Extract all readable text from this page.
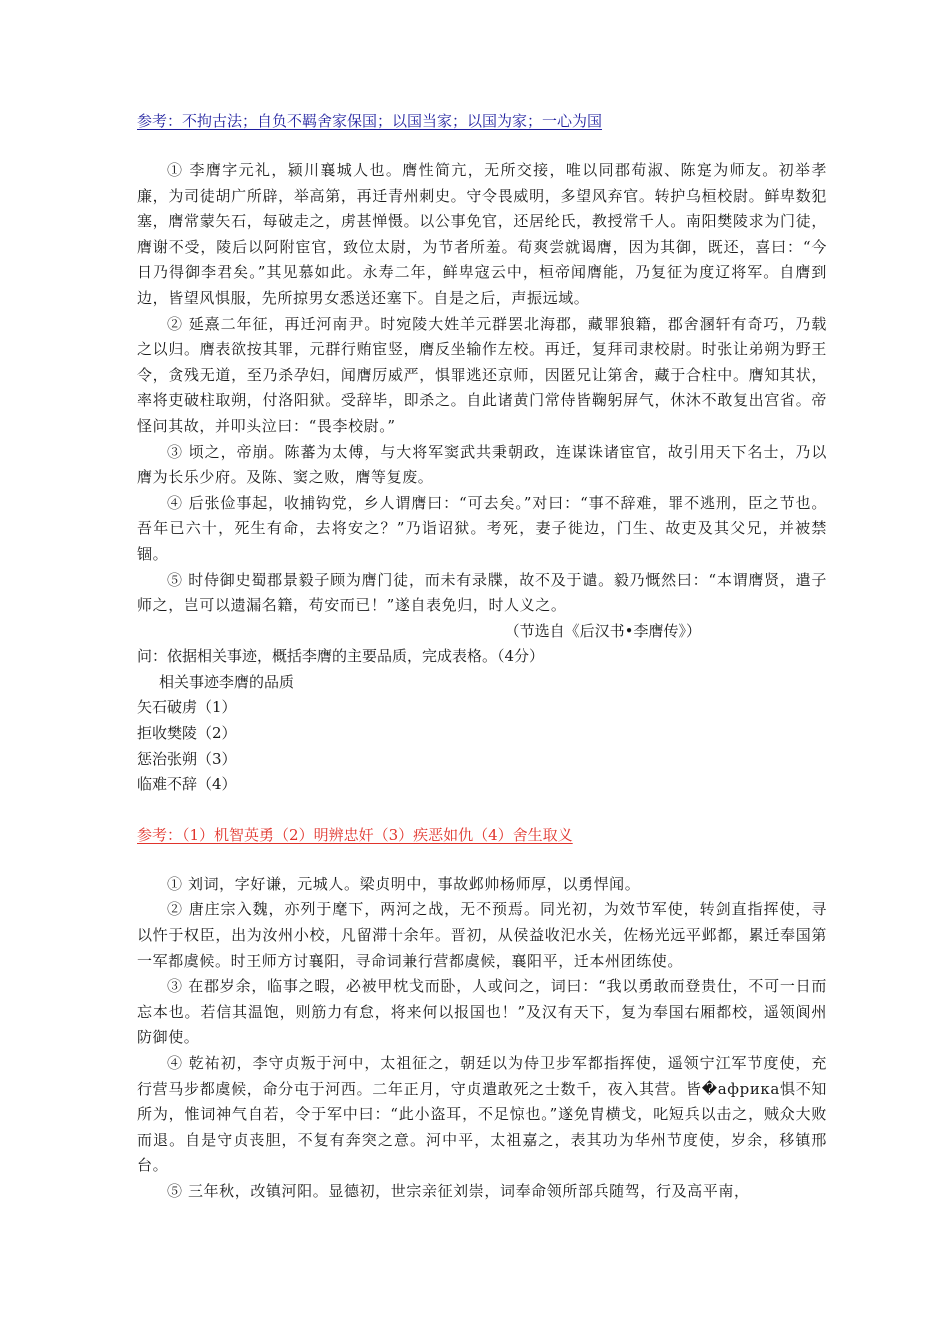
参考：不拘古法；自负不羁舍家保国；以国当家；以国为家；一心为国

① 李膺字元礼，颍川襄城人也。膺性简亢，无所交接，唯以同郡荀淑、陈寔为师友。初举孝廉，为司徒胡广所辟，举高第，再迁青州刺史。守令畏威明，多望风弃官。转护乌桓校尉。鲜卑数犯塞，膺常蒙矢石，每破走之，虏甚惮慑。以公事免官，还居纶氏，教授常千人。南阳樊陵求为门徒，膺谢不受，陵后以阿附宦官，致位太尉，为节者所羞。荀爽尝就谒膺，因为其御，既还，喜曰：“今日乃得御李君矣。”其见慕如此。永寿二年，鲜卑寇云中，桓帝闻膺能，乃复征为度辽将军。自膺到边，皆望风惧服，先所掠男女悉送还塞下。自是之后，声振远域。

② 延熹二年征，再迁河南尹。时宛陵大姓羊元群罢北海郡，藏罪狼籍，郡舍溷轩有奇巧，乃载之以归。膺表欲按其罪，元群行贿宦竖，膺反坐输作左校。再迁，复拜司隶校尉。时张让弟朔为野王令，贪残无道，至乃杀孕妇，闻膺厉威严，惧罪逃还京师，因匿兄让第舍，藏于合柱中。膺知其状，率将吏破柱取朔，付洛阳狱。受辞毕，即杀之。自此诸黄门常侍皆鞠躬屏气，休沐不敢复出宫省。帝怪问其故，并叩头泣曰：“畏李校尉。”

③ 顷之，帝崩。陈蕃为太傅，与大将军窦武共秉朝政，连谋诛诸宦官，故引用天下名士，乃以膺为长乐少府。及陈、窦之败，膺等复废。

④ 后张俭事起，收捕钩党，乡人谓膺曰：“可去矣。”对曰：“事不辞难，罪不逃刑，臣之节也。吾年已六十，死生有命，去将安之？”乃诣诏狱。考死，妻子徙边，门生、故吏及其父兄，并被禁锢。

⑤ 时侍御史蜀郡景毅子顾为膺门徒，而未有录牒，故不及于谴。毅乃慨然曰：“本谓膺贤，遣子师之，岂可以遗漏名籍，苟安而已！”遂自表免归，时人义之。

（节选自《后汉书•李膺传》）

问：依据相关事迹，概括李膺的主要品质，完成表格。（4分）

相关事迹李膺的品质

矢石破虏（1）

拒收樊陵（2）

惩治张朔（3）

临难不辞（4）

参考：（1）机智英勇（2）明辨忠奸（3）疾恶如仇（4）舍生取义

① 刘词，字好谦，元城人。梁贞明中，事故邺帅杨师厚，以勇悍闻。

② 唐庄宗入魏，亦列于麾下，两河之战，无不预焉。同光初，为效节军使，转剑直指挥使，寻以忤于权臣，出为汝州小校，凡留滞十余年。晋初，从侯益收汜水关，佐杨光远平邺都，累迁奉国第一军都虞候。时王师方讨襄阳，寻命词兼行营都虞候，襄阳平，迁本州团练使。

③ 在郡岁余，临事之暇，必被甲枕戈而卧，人或问之，词曰：“我以勇敢而登贵仕，不可一日而忘本也。若信其温饱，则筋力有怠，将来何以报国也！”及汉有天下，复为奉国右厢都校，遥领阆州防御使。

④ 乾祐初，李守贞叛于河中，太祖征之，朝廷以为侍卫步军都指挥使，遥领宁江军节度使，充行营马步都虞候，命分屯于河西。二年正月，守贞遣敢死之士数千，夜入其营。皆�африка惧不知所为，惟词神气自若，令于军中曰：“此小盗耳，不足惊也。”遂免胄横戈，叱短兵以击之，贼众大败而退。自是守贞丧胆，不复有奔突之意。河中平，太祖嘉之，表其功为华州节度使，岁余，移镇邢台。

⑤ 三年秋，改镇河阳。显德初，世宗亲征刘崇，词奉命领所部兵随驾，行及高平南，
